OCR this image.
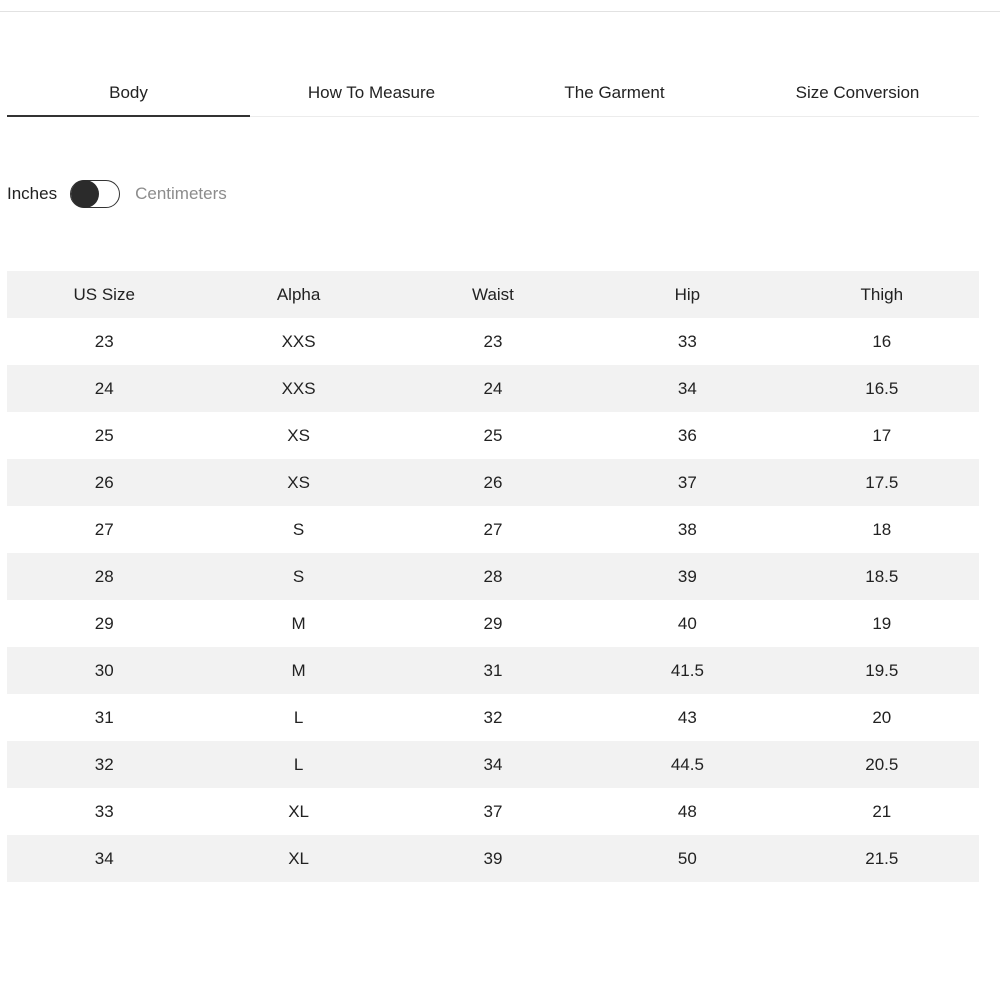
Body	How To Measure	The Garment	Size Conversion
Inches	Centimeters
US Size	Alpha	Waist	Hip	Thigh
23	XXS	23	33	16
24	XXS	24	34	16.5
25	XS	25	36	17
26	XS	26	37	17.5
27	S	27	38	18
28	S	28	39	18.5
29	M	29	40	19
30	M	31	41.5	19.5
31	L	32	43	20
32	L	34	44.5	20.5
33	XL	37	48	21
34	XL	39	50	21.5
